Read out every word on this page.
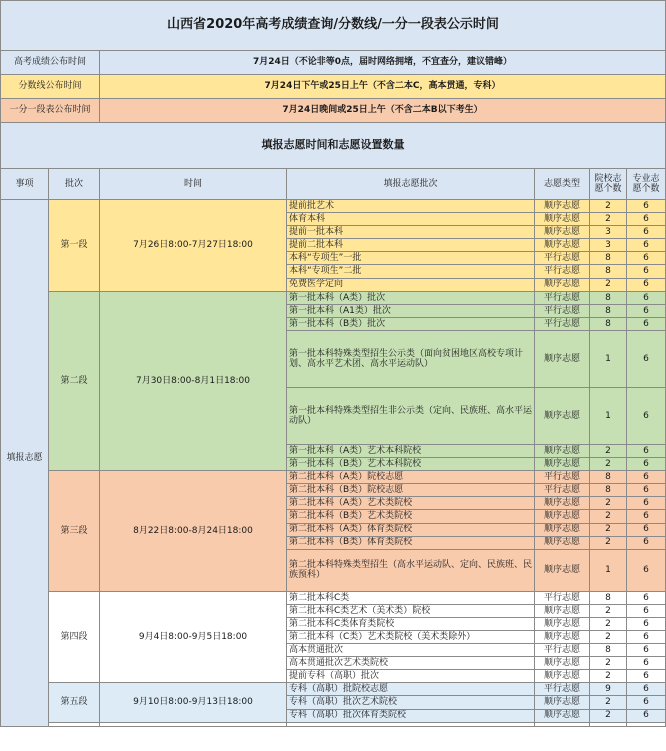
山西省2020年高考成绩查询/分数线/一分一段表公示时间						
高考成绩公布时间		7月24日（不论非等0点，届时网络拥堵，不宜查分，建议错峰）				
分数线公布时间		7月24日下午或25日上午（不含二本C，高本贯通，专科）				
一分一段表公布时间		7月24日晚间或25日上午（不含二本B以下考生）				
填报志愿时间和志愿设置数量						
事项	批次	时间	填报志愿批次	志愿类型	院校志愿个数	专业志愿个数
填报志愿	第一段	7月26日8:00-7月27日18:00	提前批艺术	顺序志愿	2	6
			体育本科	顺序志愿	2	6
			提前一批本科	顺序志愿	3	6
			提前二批本科	顺序志愿	3	6
			本科“专项生”一批	平行志愿	8	6
			本科“专项生”二批	平行志愿	8	6
			免费医学定向	顺序志愿	2	6
	第二段	7月30日8:00-8月1日18:00	第一批本科（A类）批次	平行志愿	8	6
			第一批本科（A1类）批次	平行志愿	8	6
			第一批本科（B类）批次	平行志愿	8	6
			第一批本科特殊类型招生公示类（面向贫困地区高校专项计划、高水平艺术团、高水平运动队）	顺序志愿	1	6
			第一批本科特殊类型招生非公示类（定向、民族班、高水平运动队）	顺序志愿	1	6
			第一批本科（A类）艺术本科院校	顺序志愿	2	6
			第一批本科（B类）艺术本科院校	顺序志愿	2	6
	第三段	8月22日8:00-8月24日18:00	第二批本科（A类）院校志愿	平行志愿	8	6
			第二批本科（B类）院校志愿	平行志愿	8	6
			第二批本科（A类）艺术类院校	顺序志愿	2	6
			第二批本科（B类）艺术类院校	顺序志愿	2	6
			第二批本科（A类）体育类院校	顺序志愿	2	6
			第二批本科（B类）体育类院校	顺序志愿	2	6
			第二批本科特殊类型招生（高水平运动队、定向、民族班、民族预科）	顺序志愿	1	6
	第四段	9月4日8:00-9月5日18:00	第二批本科C类	平行志愿	8	6
			第二批本科C类艺术（美术类）院校	顺序志愿	2	6
			第二批本科C类体育类院校	顺序志愿	2	6
			第二批本科（C类）艺术类院校（美术类除外）	顺序志愿	2	6
			高本贯通批次	平行志愿	8	6
			高本贯通批次艺术类院校	顺序志愿	2	6
			提前专科（高职）批次	顺序志愿	2	6
	第五段	9月10日8:00-9月13日18:00	专科（高职）批院校志愿	平行志愿	9	6
			专科（高职）批次艺术院校	顺序志愿	2	6
			专科（高职）批次体育类院校	顺序志愿	2	6
